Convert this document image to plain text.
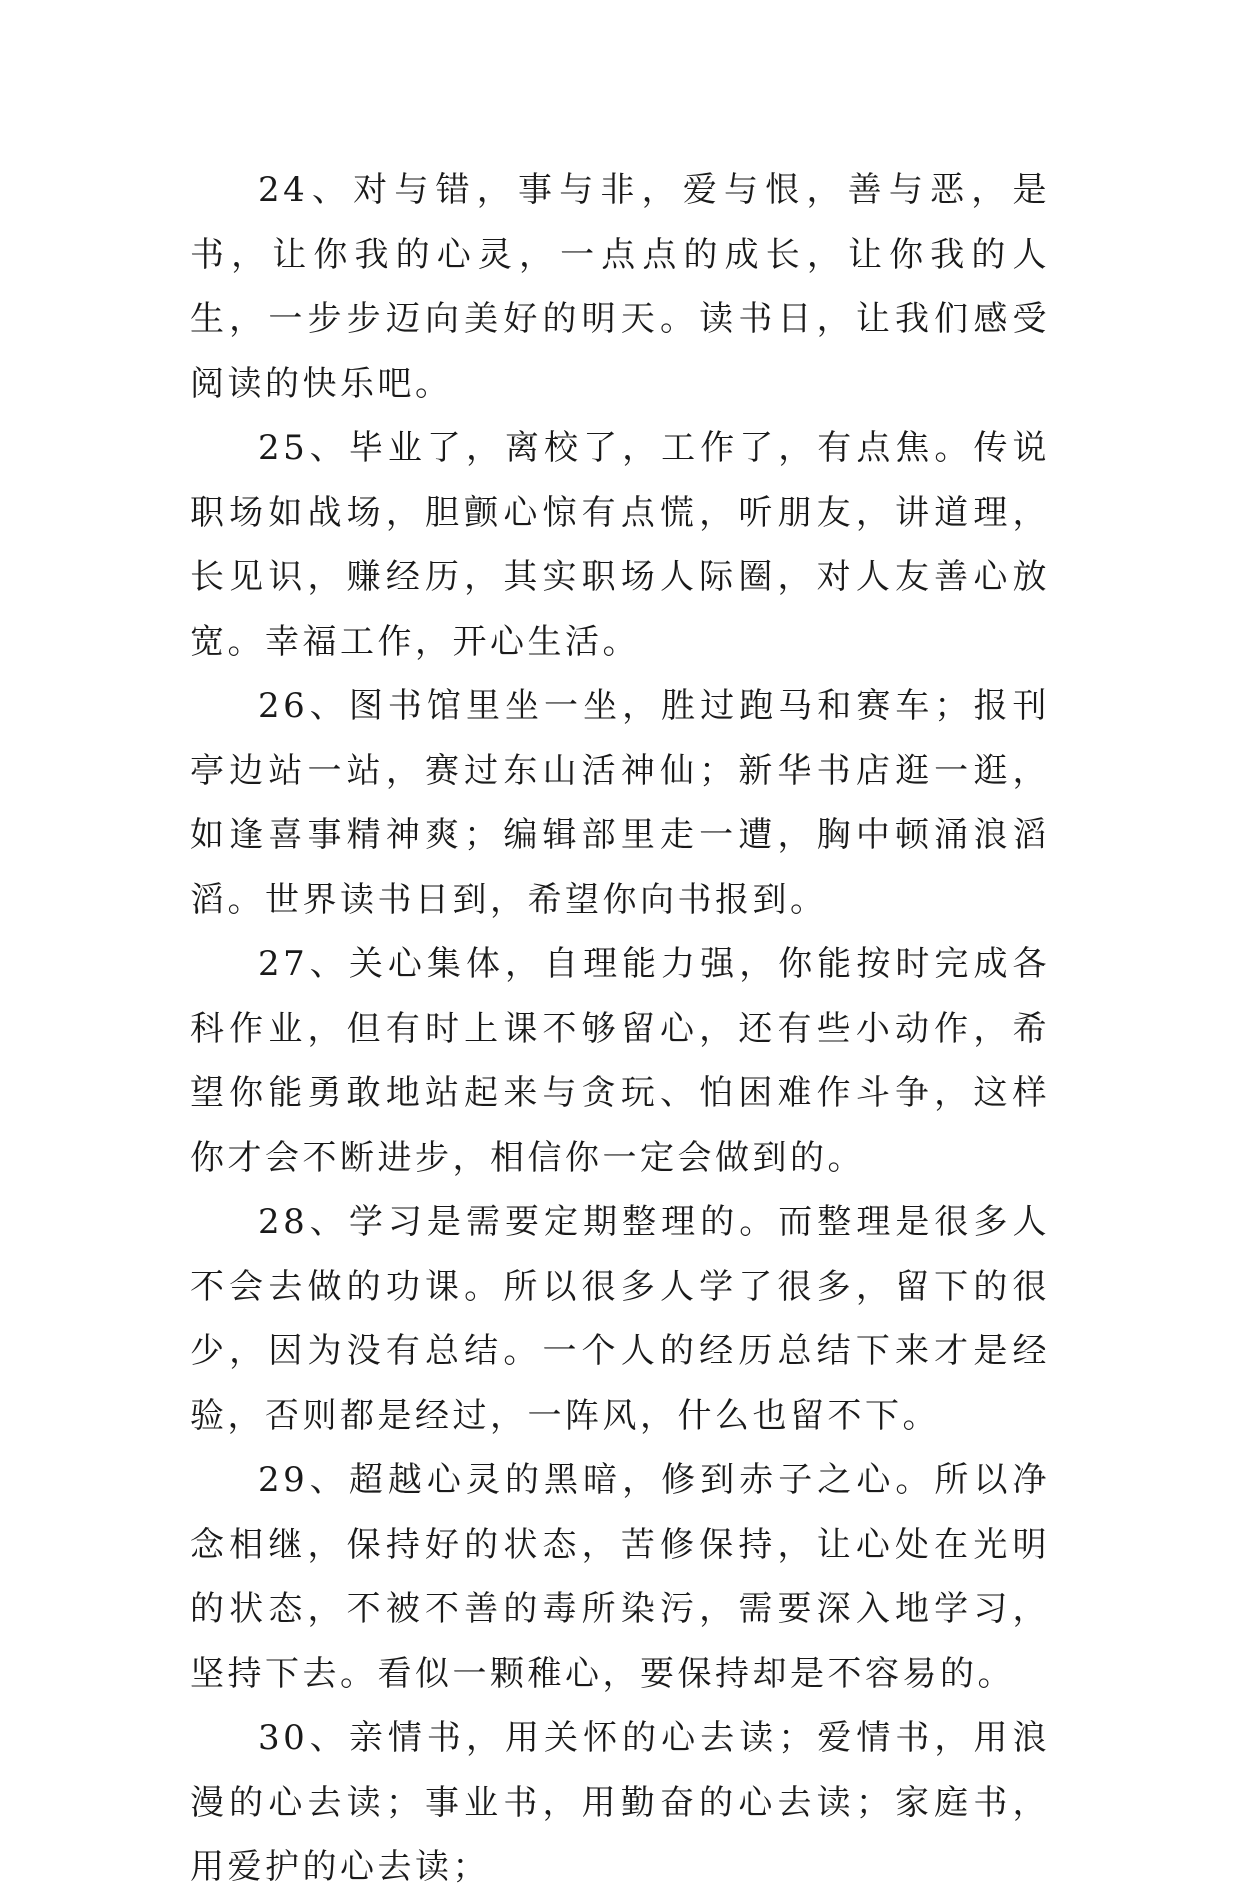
24、对与错，事与非，爱与恨，善与恶，是书，让你我的心灵，一点点的成长，让你我的人生，一步步迈向美好的明天。读书日，让我们感受阅读的快乐吧。

25、毕业了，离校了，工作了，有点焦。传说职场如战场，胆颤心惊有点慌，听朋友，讲道理，长见识，赚经历，其实职场人际圈，对人友善心放宽。幸福工作，开心生活。

26、图书馆里坐一坐，胜过跑马和赛车；报刊亭边站一站，赛过东山活神仙；新华书店逛一逛，如逢喜事精神爽；编辑部里走一遭，胸中顿涌浪滔滔。世界读书日到，希望你向书报到。

27、关心集体，自理能力强，你能按时完成各科作业，但有时上课不够留心，还有些小动作，希望你能勇敢地站起来与贪玩、怕困难作斗争，这样你才会不断进步，相信你一定会做到的。

28、学习是需要定期整理的。而整理是很多人不会去做的功课。所以很多人学了很多，留下的很少，因为没有总结。一个人的经历总结下来才是经验，否则都是经过，一阵风，什么也留不下。

29、超越心灵的黑暗，修到赤子之心。所以净念相继，保持好的状态，苦修保持，让心处在光明的状态，不被不善的毒所染污，需要深入地学习，坚持下去。看似一颗稚心，要保持却是不容易的。

30、亲情书，用关怀的心去读；爱情书，用浪漫的心去读；事业书，用勤奋的心去读；家庭书，用爱护的心去读；
